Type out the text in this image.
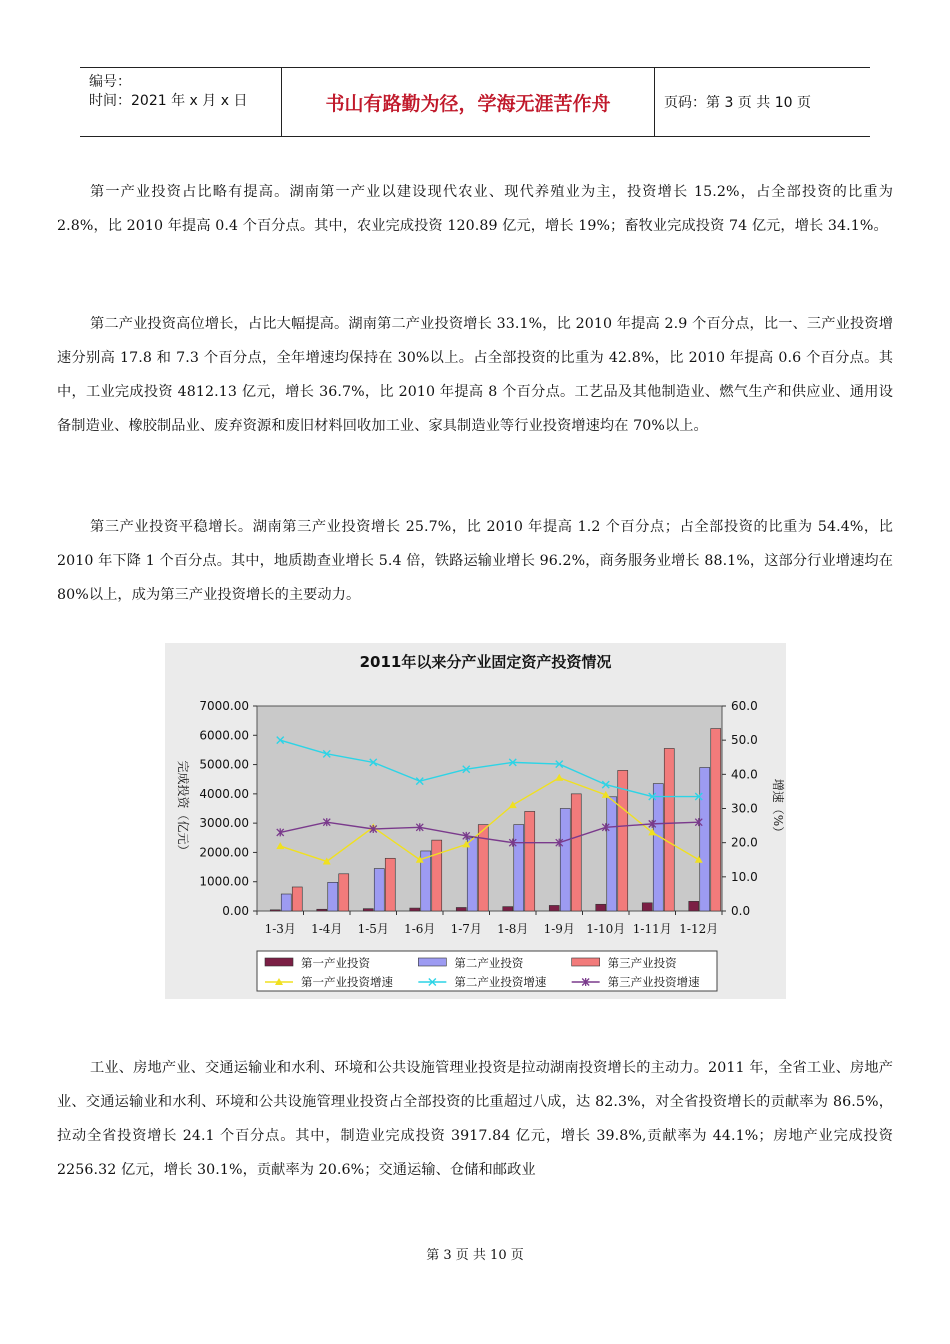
编号：
时间：2021 年 x 月 x 日	书山有路勤为径，学海无涯苦作舟	页码：第 3 页 共 10 页
第一产业投资占比略有提高。湖南第一产业以建设现代农业、现代养殖业为主，投资增长 15.2%，占全部投资的比重为 2.8%，比 2010 年提高 0.4 个百分点。其中，农业完成投资 120.89 亿元，增长 19%；畜牧业完成投资 74 亿元，增长 34.1%。
第二产业投资高位增长，占比大幅提高。湖南第二产业投资增长 33.1%，比 2010 年提高 2.9 个百分点，比一、三产业投资增速分别高 17.8 和 7.3 个百分点，全年增速均保持在 30%以上。占全部投资的比重为 42.8%，比 2010 年提高 0.6 个百分点。其中，工业完成投资 4812.13 亿元，增长 36.7%，比 2010 年提高 8 个百分点。工艺品及其他制造业、燃气生产和供应业、通用设备制造业、橡胶制品业、废弃资源和废旧材料回收加工业、家具制造业等行业投资增速均在 70%以上。
第三产业投资平稳增长。湖南第三产业投资增长 25.7%，比 2010 年提高 1.2 个百分点；占全部投资的比重为 54.4%，比 2010 年下降 1 个百分点。其中，地质勘查业增长 5.4 倍，铁路运输业增长 96.2%，商务服务业增长 88.1%，这部分行业增速均在 80%以上，成为第三产业投资增长的主要动力。
2011年以来分产业固定资产投资情况
0.00
1000.00
2000.00
3000.00
4000.00
5000.00
6000.00
7000.00
0.0
10.0
20.0
30.0
40.0
50.0
60.0
完成投资（亿元）	增速（%）
1-3月 1-4月 1-5月 1-6月 1-7月 1-8月 1-9月 1-10月 1-11月 1-12月
第一产业投资	第二产业投资	第三产业投资
第一产业投资增速	第二产业投资增速	第三产业投资增速
工业、房地产业、交通运输业和水利、环境和公共设施管理业投资是拉动湖南投资增长的主动力。2011 年，全省工业、房地产业、交通运输业和水利、环境和公共设施管理业投资占全部投资的比重超过八成，达 82.3%，对全省投资增长的贡献率为 86.5%，拉动全省投资增长 24.1 个百分点。其中，制造业完成投资 3917.84 亿元，增长 39.8%,贡献率为 44.1%；房地产业完成投资 2256.32 亿元，增长 30.1%，贡献率为 20.6%；交通运输、仓储和邮政业
第 3 页 共 10 页
